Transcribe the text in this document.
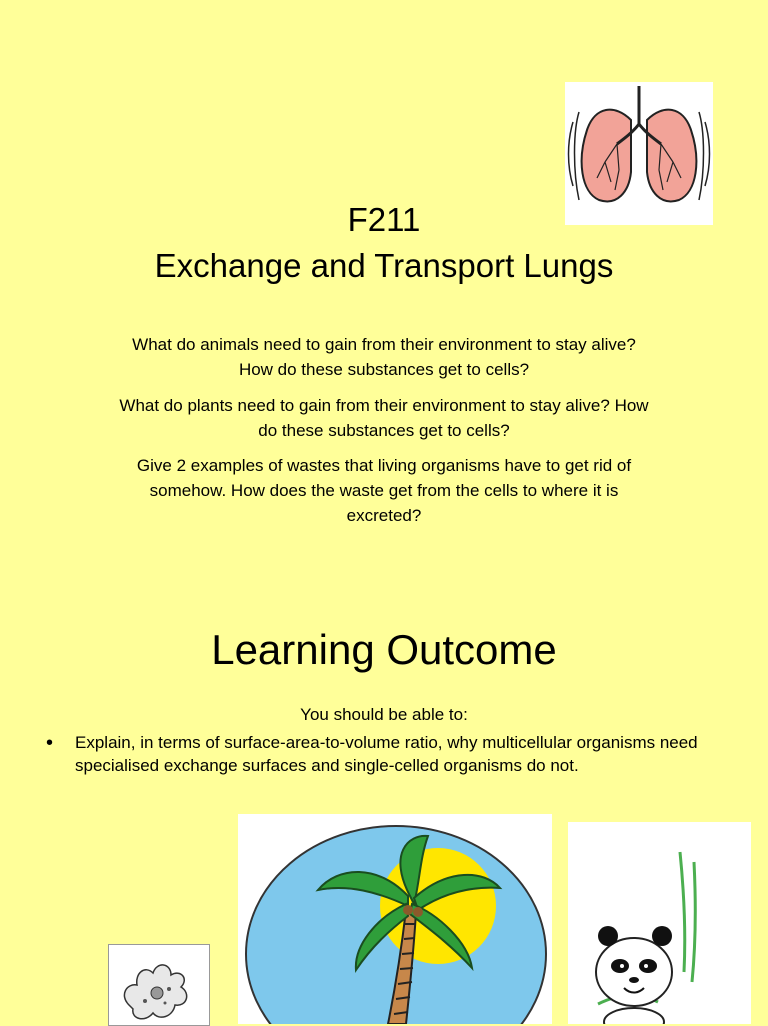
F211
Exchange and Transport Lungs
What do animals need to gain from their environment to stay alive? How do these substances get to cells?
What do plants need to gain from their environment to stay alive? How do these substances get to cells?
Give 2 examples of wastes that living organisms have to get rid of somehow. How does the waste get from the cells to where it is excreted?
Learning Outcome
You should be able to:
• Explain, in terms of surface-area-to-volume ratio, why multicellular organisms need specialised exchange surfaces and single-celled organisms do not.
